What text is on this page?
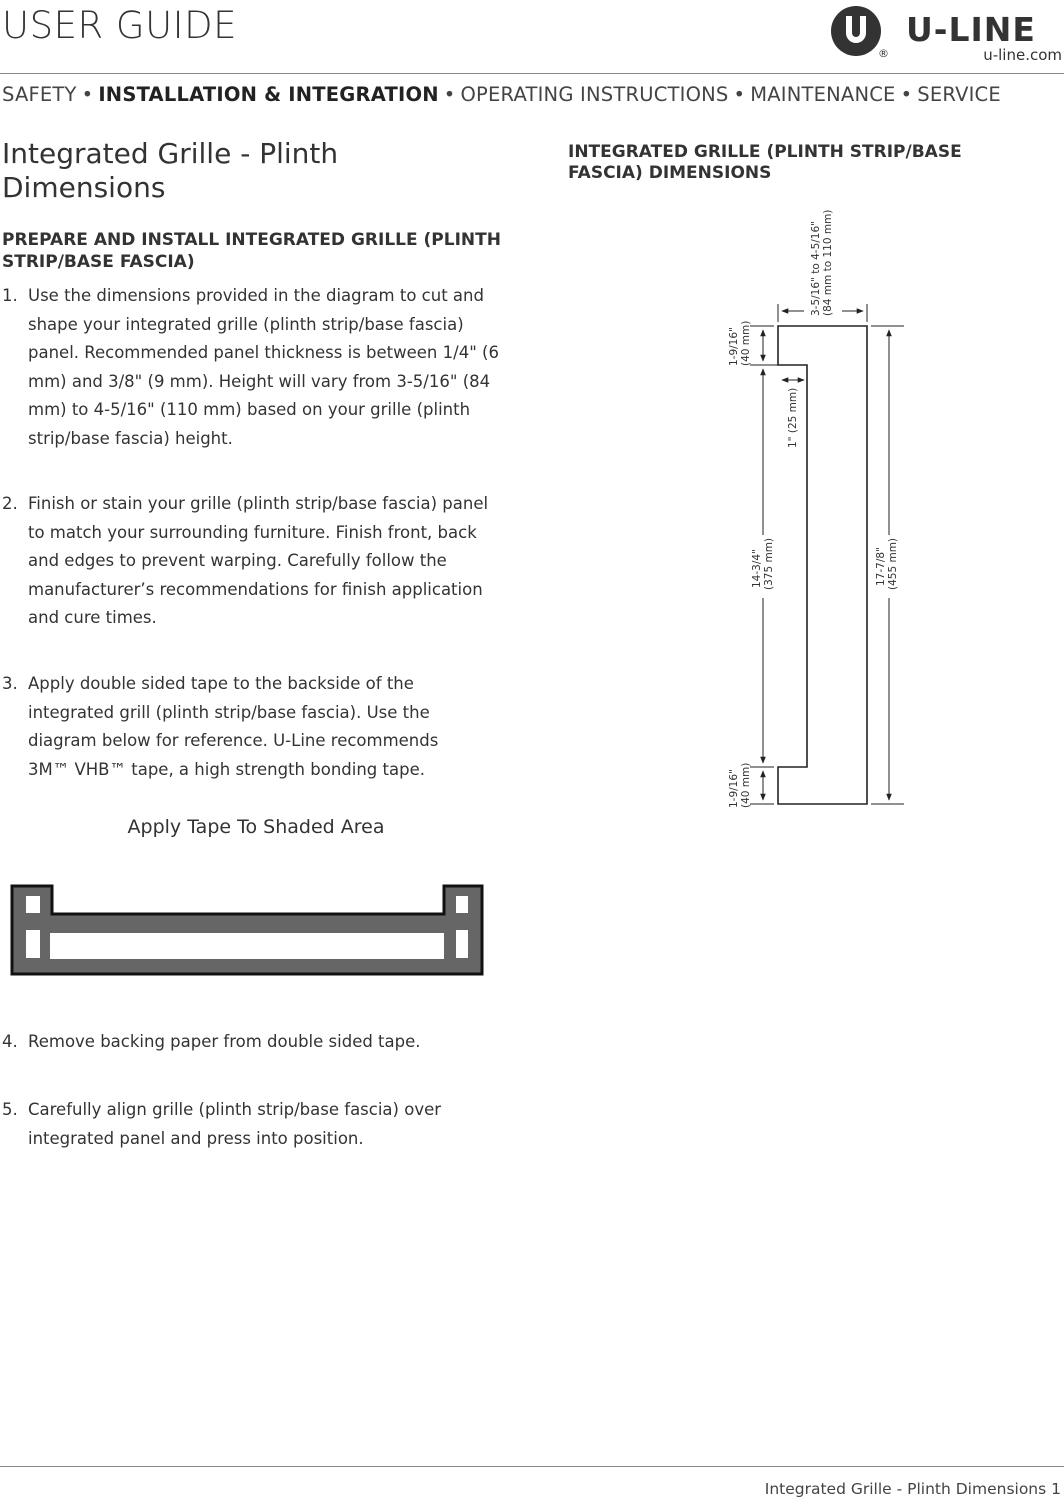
USER GUIDE
®
U-LINE
u-line.com
SAFETY • INSTALLATION & INTEGRATION • OPERATING INSTRUCTIONS • MAINTENANCE • SERVICE
Integrated Grille - Plinth Dimensions
PREPARE AND INSTALL INTEGRATED GRILLE (PLINTH STRIP/BASE FASCIA)
1. Use the dimensions provided in the diagram to cut and shape your integrated grille (plinth strip/base fascia) panel. Recommended panel thickness is between 1/4" (6 mm) and 3/8" (9 mm). Height will vary from 3-5/16" (84 mm) to 4-5/16" (110 mm) based on your grille (plinth strip/base fascia) height.
2. Finish or stain your grille (plinth strip/base fascia) panel to match your surrounding furniture. Finish front, back and edges to prevent warping. Carefully follow the manufacturer’s recommendations for finish application and cure times.
3. Apply double sided tape to the backside of the integrated grill (plinth strip/base fascia). Use the diagram below for reference. U-Line recommends 3M™ VHB™ tape, a high strength bonding tape.
Apply Tape To Shaded Area
4. Remove backing paper from double sided tape.
5. Carefully align grille (plinth strip/base fascia) over integrated panel and press into position.
INTEGRATED GRILLE (PLINTH STRIP/BASE FASCIA) DIMENSIONS
3-5/16" to 4-5/16" (84 mm to 110 mm)
1-9/16" (40 mm)
1" (25 mm)
14-3/4" (375 mm)
1-9/16" (40 mm)
17-7/8" (455 mm)
Integrated Grille - Plinth Dimensions 1
